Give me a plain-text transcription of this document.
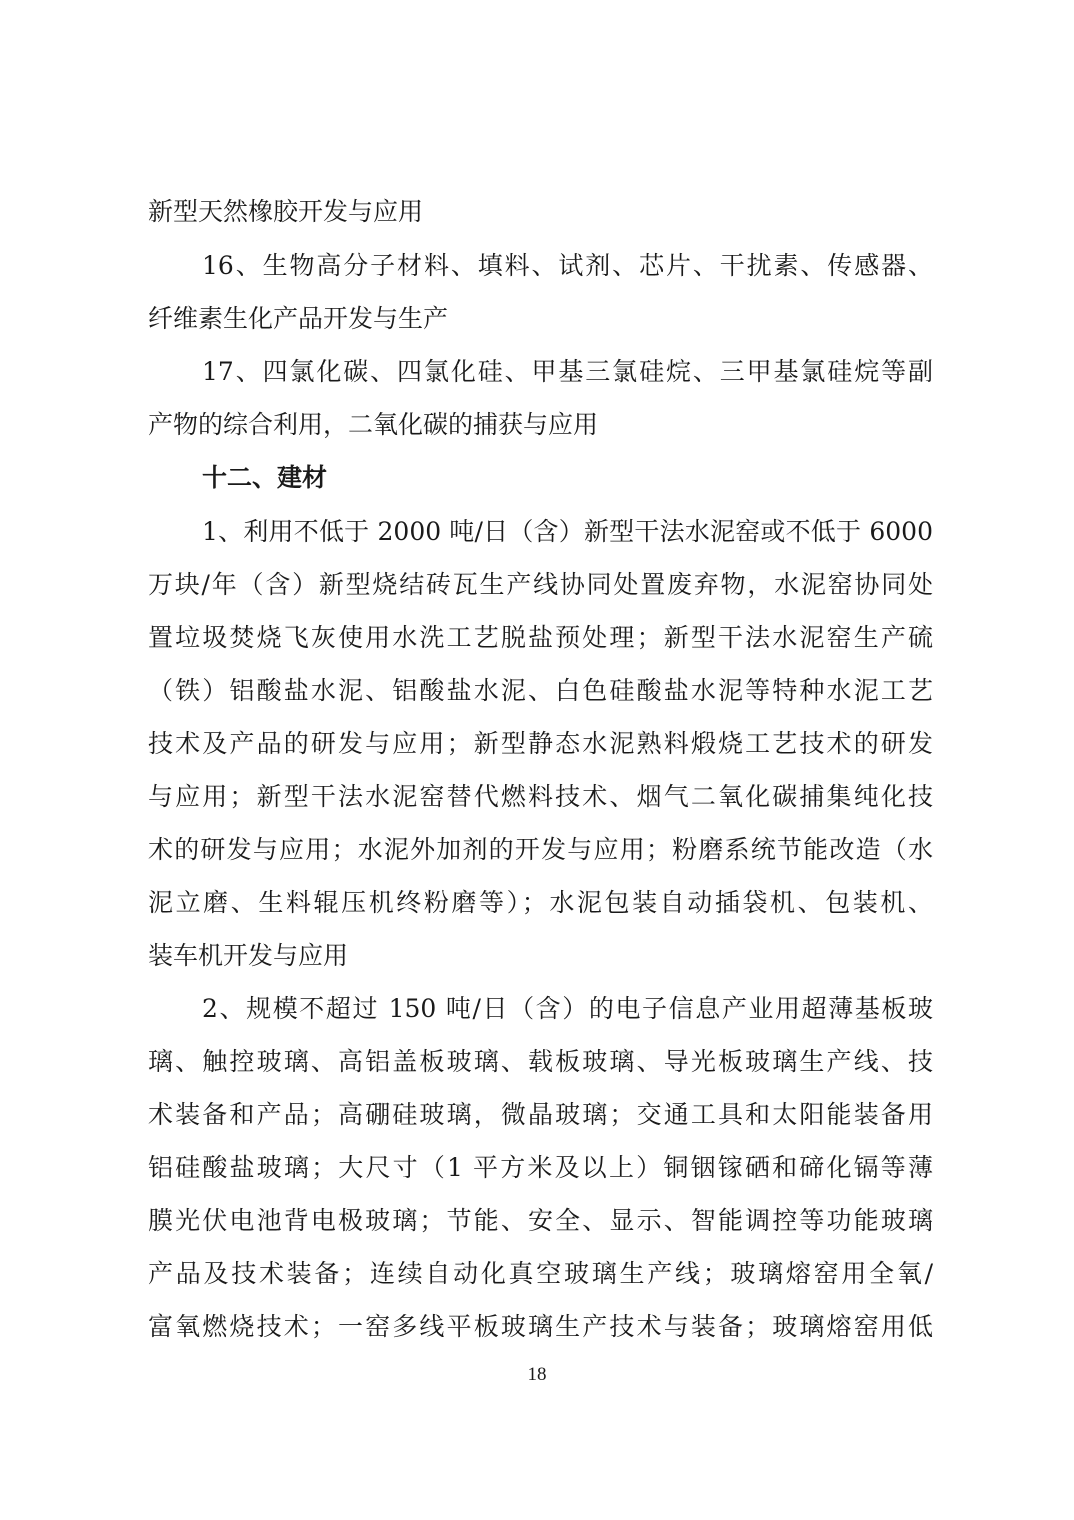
新型天然橡胶开发与应用
16、生物高分子材料、填料、试剂、芯片、干扰素、传感器、
纤维素生化产品开发与生产
17、四氯化碳、四氯化硅、甲基三氯硅烷、三甲基氯硅烷等副
产物的综合利用，二氧化碳的捕获与应用
十二、建材
1、利用不低于 2000 吨/日（含）新型干法水泥窑或不低于 6000
万块/年（含）新型烧结砖瓦生产线协同处置废弃物，水泥窑协同处
置垃圾焚烧飞灰使用水洗工艺脱盐预处理；新型干法水泥窑生产硫
（铁）铝酸盐水泥、铝酸盐水泥、白色硅酸盐水泥等特种水泥工艺
技术及产品的研发与应用；新型静态水泥熟料煅烧工艺技术的研发
与应用；新型干法水泥窑替代燃料技术、烟气二氧化碳捕集纯化技
术的研发与应用；水泥外加剂的开发与应用；粉磨系统节能改造（水
泥立磨、生料辊压机终粉磨等）；水泥包装自动插袋机、包装机、
装车机开发与应用
2、规模不超过 150 吨/日（含）的电子信息产业用超薄基板玻
璃、触控玻璃、高铝盖板玻璃、载板玻璃、导光板玻璃生产线、技
术装备和产品；高硼硅玻璃，微晶玻璃；交通工具和太阳能装备用
铝硅酸盐玻璃；大尺寸（1 平方米及以上）铜铟镓硒和碲化镉等薄
膜光伏电池背电极玻璃；节能、安全、显示、智能调控等功能玻璃
产品及技术装备；连续自动化真空玻璃生产线；玻璃熔窑用全氧/
富氧燃烧技术；一窑多线平板玻璃生产技术与装备；玻璃熔窑用低
18
